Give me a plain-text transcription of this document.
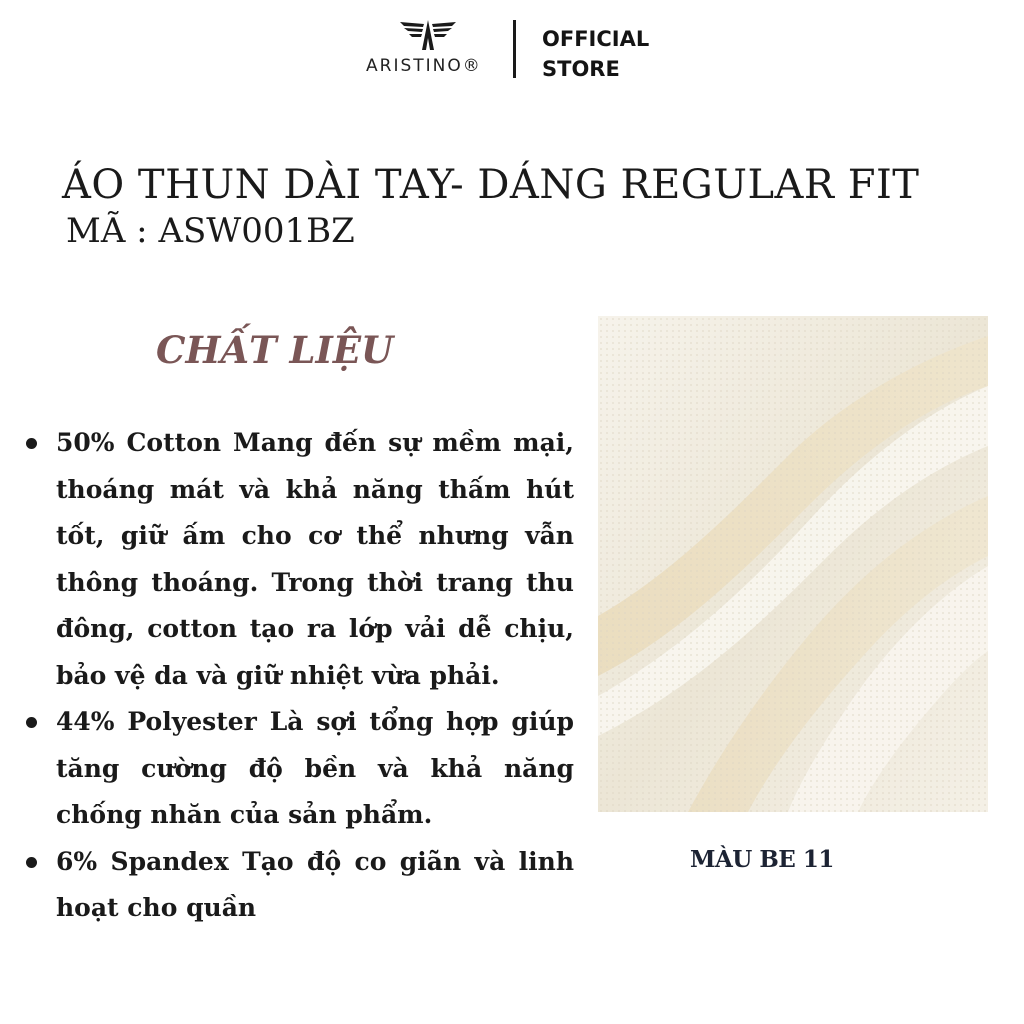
ARISTINO®
OFFICIAL
STORE
ÁO THUN DÀI TAY- DÁNG REGULAR FIT
MÃ : ASW001BZ
CHẤT LIỆU
50% Cotton Mang đến sự mềm mại, thoáng mát và khả năng thấm hút tốt, giữ ấm cho cơ thể nhưng vẫn thông thoáng. Trong thời trang thu đông, cotton tạo ra lớp vải dễ chịu, bảo vệ da và giữ nhiệt vừa phải.
44% Polyester Là sợi tổng hợp giúp tăng cường độ bền và khả năng chống nhăn của sản phẩm.
6% Spandex Tạo độ co giãn và linh hoạt cho quần
MÀU BE 11
